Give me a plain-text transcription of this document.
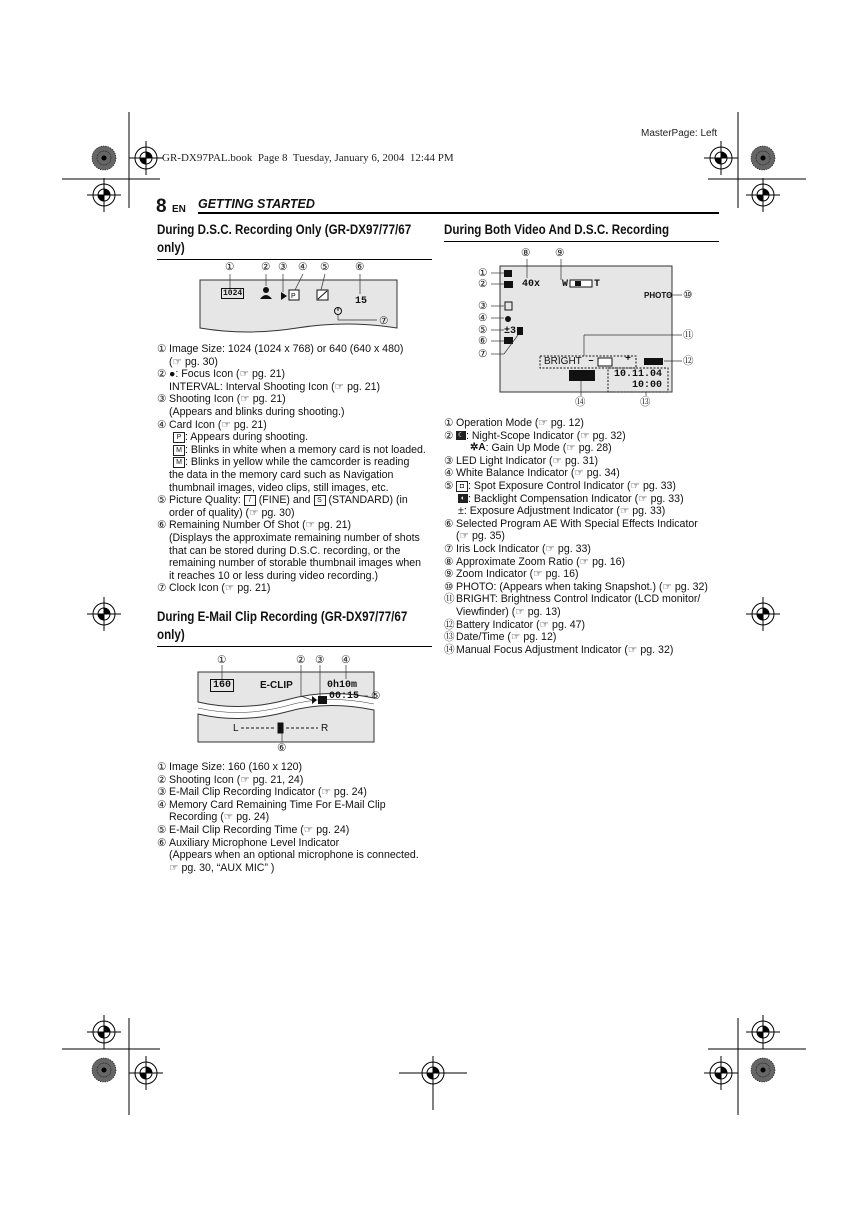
MasterPage: Left
GR-DX97PAL.book  Page 8  Tuesday, January 6, 2004  12:44 PM
8 EN GETTING STARTED
During D.S.C. Recording Only (GR-DX97/77/67
only)
P
1024
15
①	② ③ ④ ⑤ ⑥
⑦
① Image Size: 1024 (1024 x 768) or 640 (640 x 480)
(☞ pg. 30)
② ●: Focus Icon (☞ pg. 21)
INTERVAL: Interval Shooting Icon (☞ pg. 21)
③ Shooting Icon (☞ pg. 21)
(Appears and blinks during shooting.)
④ Card Icon (☞ pg. 21)
P : Appears during shooting.
M : Blinks in white when a memory card is not loaded.
M : Blinks in yellow while the camcorder is reading
the data in the memory card such as Navigation
thumbnail images, video clips, still images, etc.
⑤ Picture Quality: / (FINE) and S (STANDARD) (in
order of quality) (☞ pg. 30)
⑥ Remaining Number Of Shot (☞ pg. 21)
(Displays the approximate remaining number of shots
that can be stored during D.S.C. recording, or the
remaining number of storable thumbnail images when
it reaches 10 or less during video recording.)
⑦ Clock Icon (☞ pg. 21)
During E-Mail Clip Recording (GR-DX97/77/67
only)
160	E-CLIP	0h10m
00:15
L	R
①	② ③ ④
⑤
⑥
① Image Size: 160 (160 x 120)
② Shooting Icon (☞ pg. 21, 24)
③ E-Mail Clip Recording Indicator (☞ pg. 24)
④ Memory Card Remaining Time For E-Mail Clip
Recording (☞ pg. 24)
⑤ E-Mail Clip Recording Time (☞ pg. 24)
⑥ Auxiliary Microphone Level Indicator
(Appears when an optional microphone is connected.
☞ pg. 30, “AUX MIC” )
During Both Video And D.S.C. Recording
40x W	T
PHOTO
±3
BRIGHT –	+
10.11.04
10:00
①
②
③
④
⑤
⑥
⑦
⑧ ⑨
⑩
⑪
⑫
⑬
⑭
① Operation Mode (☞ pg. 12)
② ☾ : Night-Scope Indicator (☞ pg. 32)
✲A: Gain Up Mode (☞ pg. 28)
③ LED Light Indicator (☞ pg. 31)
④ White Balance Indicator (☞ pg. 34)
⑤ ◘ : Spot Exposure Control Indicator (☞ pg. 33)
◐ : Backlight Compensation Indicator (☞ pg. 33)
±: Exposure Adjustment Indicator (☞ pg. 33)
⑥ Selected Program AE With Special Effects Indicator
(☞ pg. 35)
⑦ Iris Lock Indicator (☞ pg. 33)
⑧ Approximate Zoom Ratio (☞ pg. 16)
⑨ Zoom Indicator (☞ pg. 16)
⑩ PHOTO: (Appears when taking Snapshot.) (☞ pg. 32)
⑪ BRIGHT: Brightness Control Indicator (LCD monitor/
Viewfinder) (☞ pg. 13)
⑫ Battery Indicator (☞ pg. 47)
⑬ Date/Time (☞ pg. 12)
⑭ Manual Focus Adjustment Indicator (☞ pg. 32)
